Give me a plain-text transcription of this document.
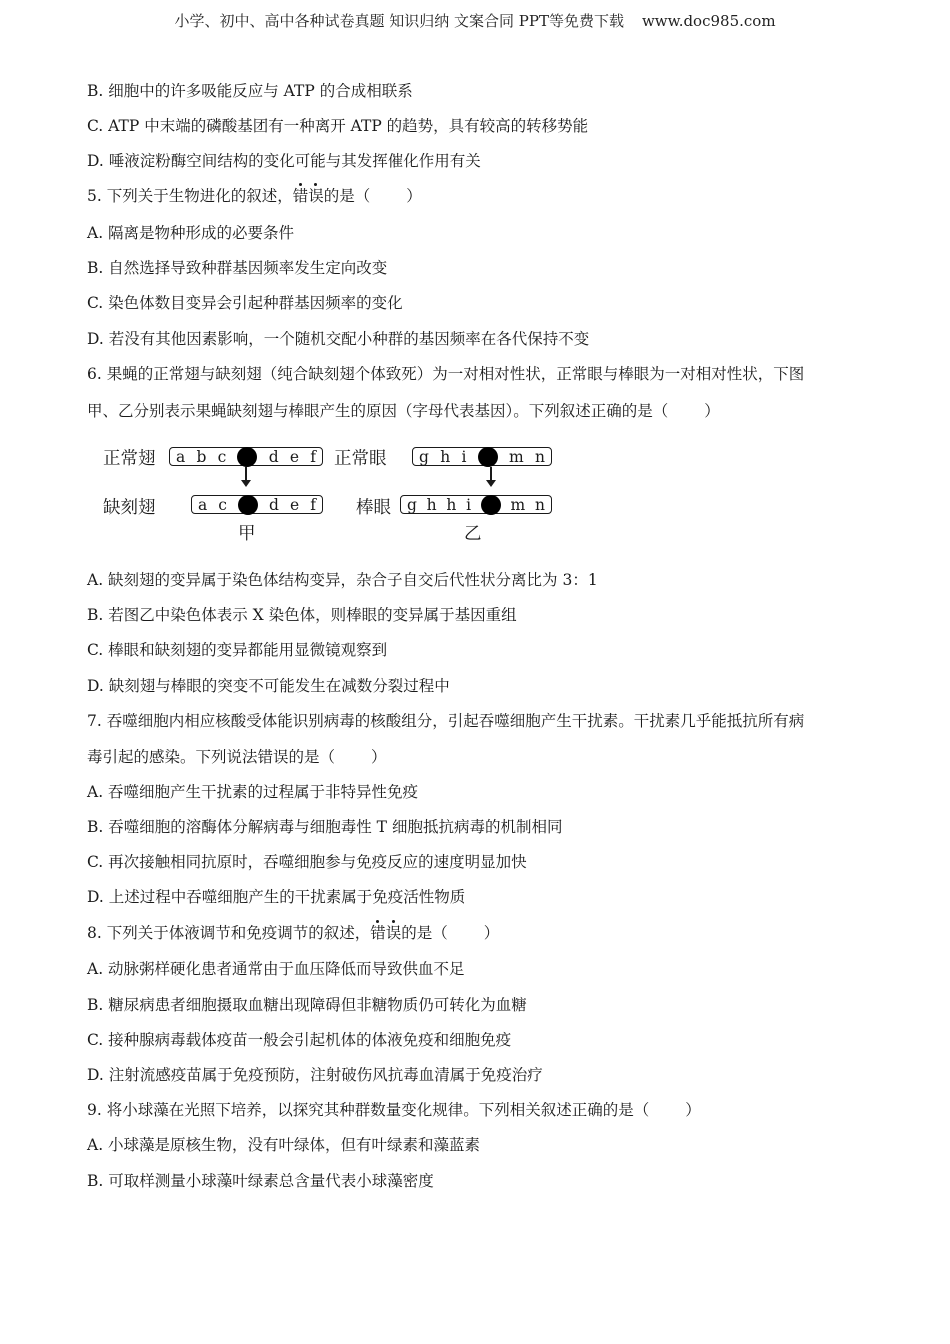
小学、初中、高中各种试卷真题 知识归纳 文案合同 PPT等免费下载 www.doc985.com
B. 细胞中的许多吸能反应与 ATP 的合成相联系
C. ATP 中末端的磷酸基团有一种离开 ATP 的趋势，具有较高的转移势能
D. 唾液淀粉酶空间结构的变化可能与其发挥催化作用有关
5. 下列关于生物进化的叙述，错误的是（ ）
A. 隔离是物种形成的必要条件
B. 自然选择导致种群基因频率发生定向改变
C. 染色体数目变异会引起种群基因频率的变化
D. 若没有其他因素影响，一个随机交配小种群的基因频率在各代保持不变
6. 果蝇的正常翅与缺刻翅（纯合缺刻翅个体致死）为一对相对性状，正常眼与棒眼为一对相对性状，下图
甲、乙分别表示果蝇缺刻翅与棒眼产生的原因（字母代表基因）。下列叙述正确的是（ ）
正常翅 a b c	d e f 正常眼 g h i	m n
缺刻翅	a c	d e f 棒眼 g h h i	m n
甲	乙
A. 缺刻翅的变异属于染色体结构变异，杂合子自交后代性状分离比为 3：1
B. 若图乙中染色体表示 X 染色体，则棒眼的变异属于基因重组
C. 棒眼和缺刻翅的变异都能用显微镜观察到
D. 缺刻翅与棒眼的突变不可能发生在减数分裂过程中
7. 吞噬细胞内相应核酸受体能识别病毒的核酸组分，引起吞噬细胞产生干扰素。干扰素几乎能抵抗所有病
毒引起的感染。下列说法错误的是（ ）
A. 吞噬细胞产生干扰素的过程属于非特异性免疫
B. 吞噬细胞的溶酶体分解病毒与细胞毒性 T 细胞抵抗病毒的机制相同
C. 再次接触相同抗原时，吞噬细胞参与免疫反应的速度明显加快
D. 上述过程中吞噬细胞产生的干扰素属于免疫活性物质
8. 下列关于体液调节和免疫调节的叙述，错误的是（ ）
A. 动脉粥样硬化患者通常由于血压降低而导致供血不足
B. 糖尿病患者细胞摄取血糖出现障碍但非糖物质仍可转化为血糖
C. 接种腺病毒载体疫苗一般会引起机体的体液免疫和细胞免疫
D. 注射流感疫苗属于免疫预防，注射破伤风抗毒血清属于免疫治疗
9. 将小球藻在光照下培养，以探究其种群数量变化规律。下列相关叙述正确的是（ ）
A. 小球藻是原核生物，没有叶绿体，但有叶绿素和藻蓝素
B. 可取样测量小球藻叶绿素总含量代表小球藻密度
